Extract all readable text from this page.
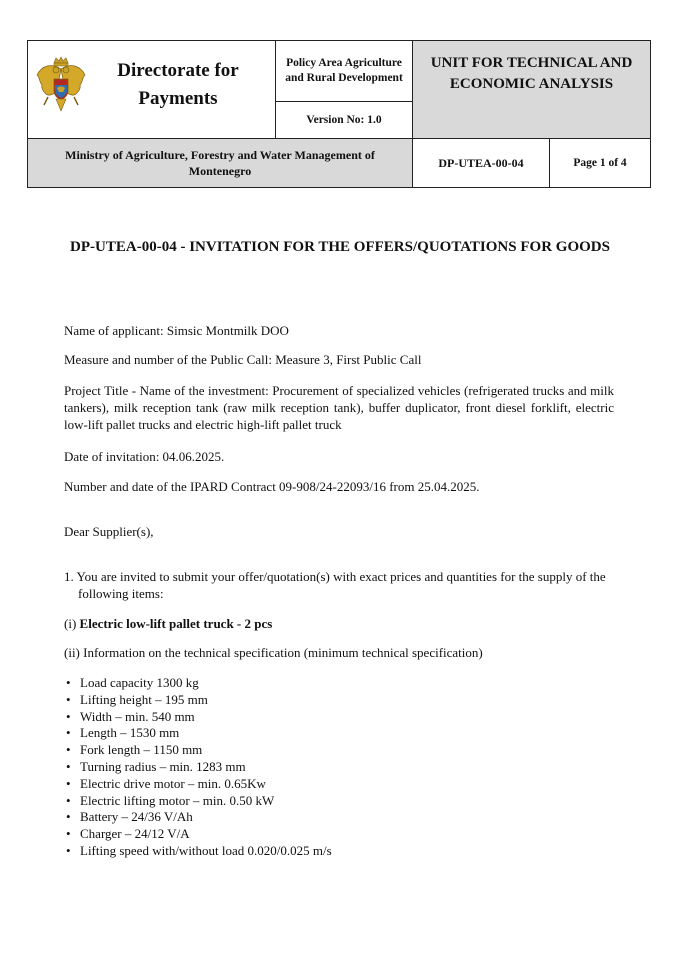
Directorate for Payments
Policy Area Agriculture and Rural Development
Version No: 1.0
UNIT FOR TECHNICAL AND ECONOMIC ANALYSIS
Ministry of Agriculture, Forestry and Water Management of Montenegro
DP-UTEA-00-04	Page 1 of 4
DP-UTEA-00-04 - INVITATION FOR THE OFFERS/QUOTATIONS FOR GOODS
Name of applicant: Simsic Montmilk DOO
Measure and number of the Public Call: Measure 3, First Public Call
Project Title - Name of the investment: Procurement of specialized vehicles (refrigerated trucks and milk tankers), milk reception tank (raw milk reception tank), buffer duplicator, front diesel forklift, electric low-lift pallet trucks and electric high-lift pallet truck
Date of invitation: 04.06.2025.
Number and date of the IPARD Contract 09-908/24-22093/16 from 25.04.2025.
Dear Supplier(s),
1. You are invited to submit your offer/quotation(s) with exact prices and quantities for the supply of the following items:
(i) Electric low-lift pallet truck - 2 pcs
(ii) Information on the technical specification (minimum technical specification)
• Load capacity 1300 kg
• Lifting height – 195 mm
• Width – min. 540 mm
• Length – 1530 mm
• Fork length – 1150 mm
• Turning radius – min. 1283 mm
• Electric drive motor – min. 0.65Kw
• Electric lifting motor – min. 0.50 kW
• Battery – 24/36 V/Ah
• Charger – 24/12 V/A
• Lifting speed with/without load 0.020/0.025 m/s
